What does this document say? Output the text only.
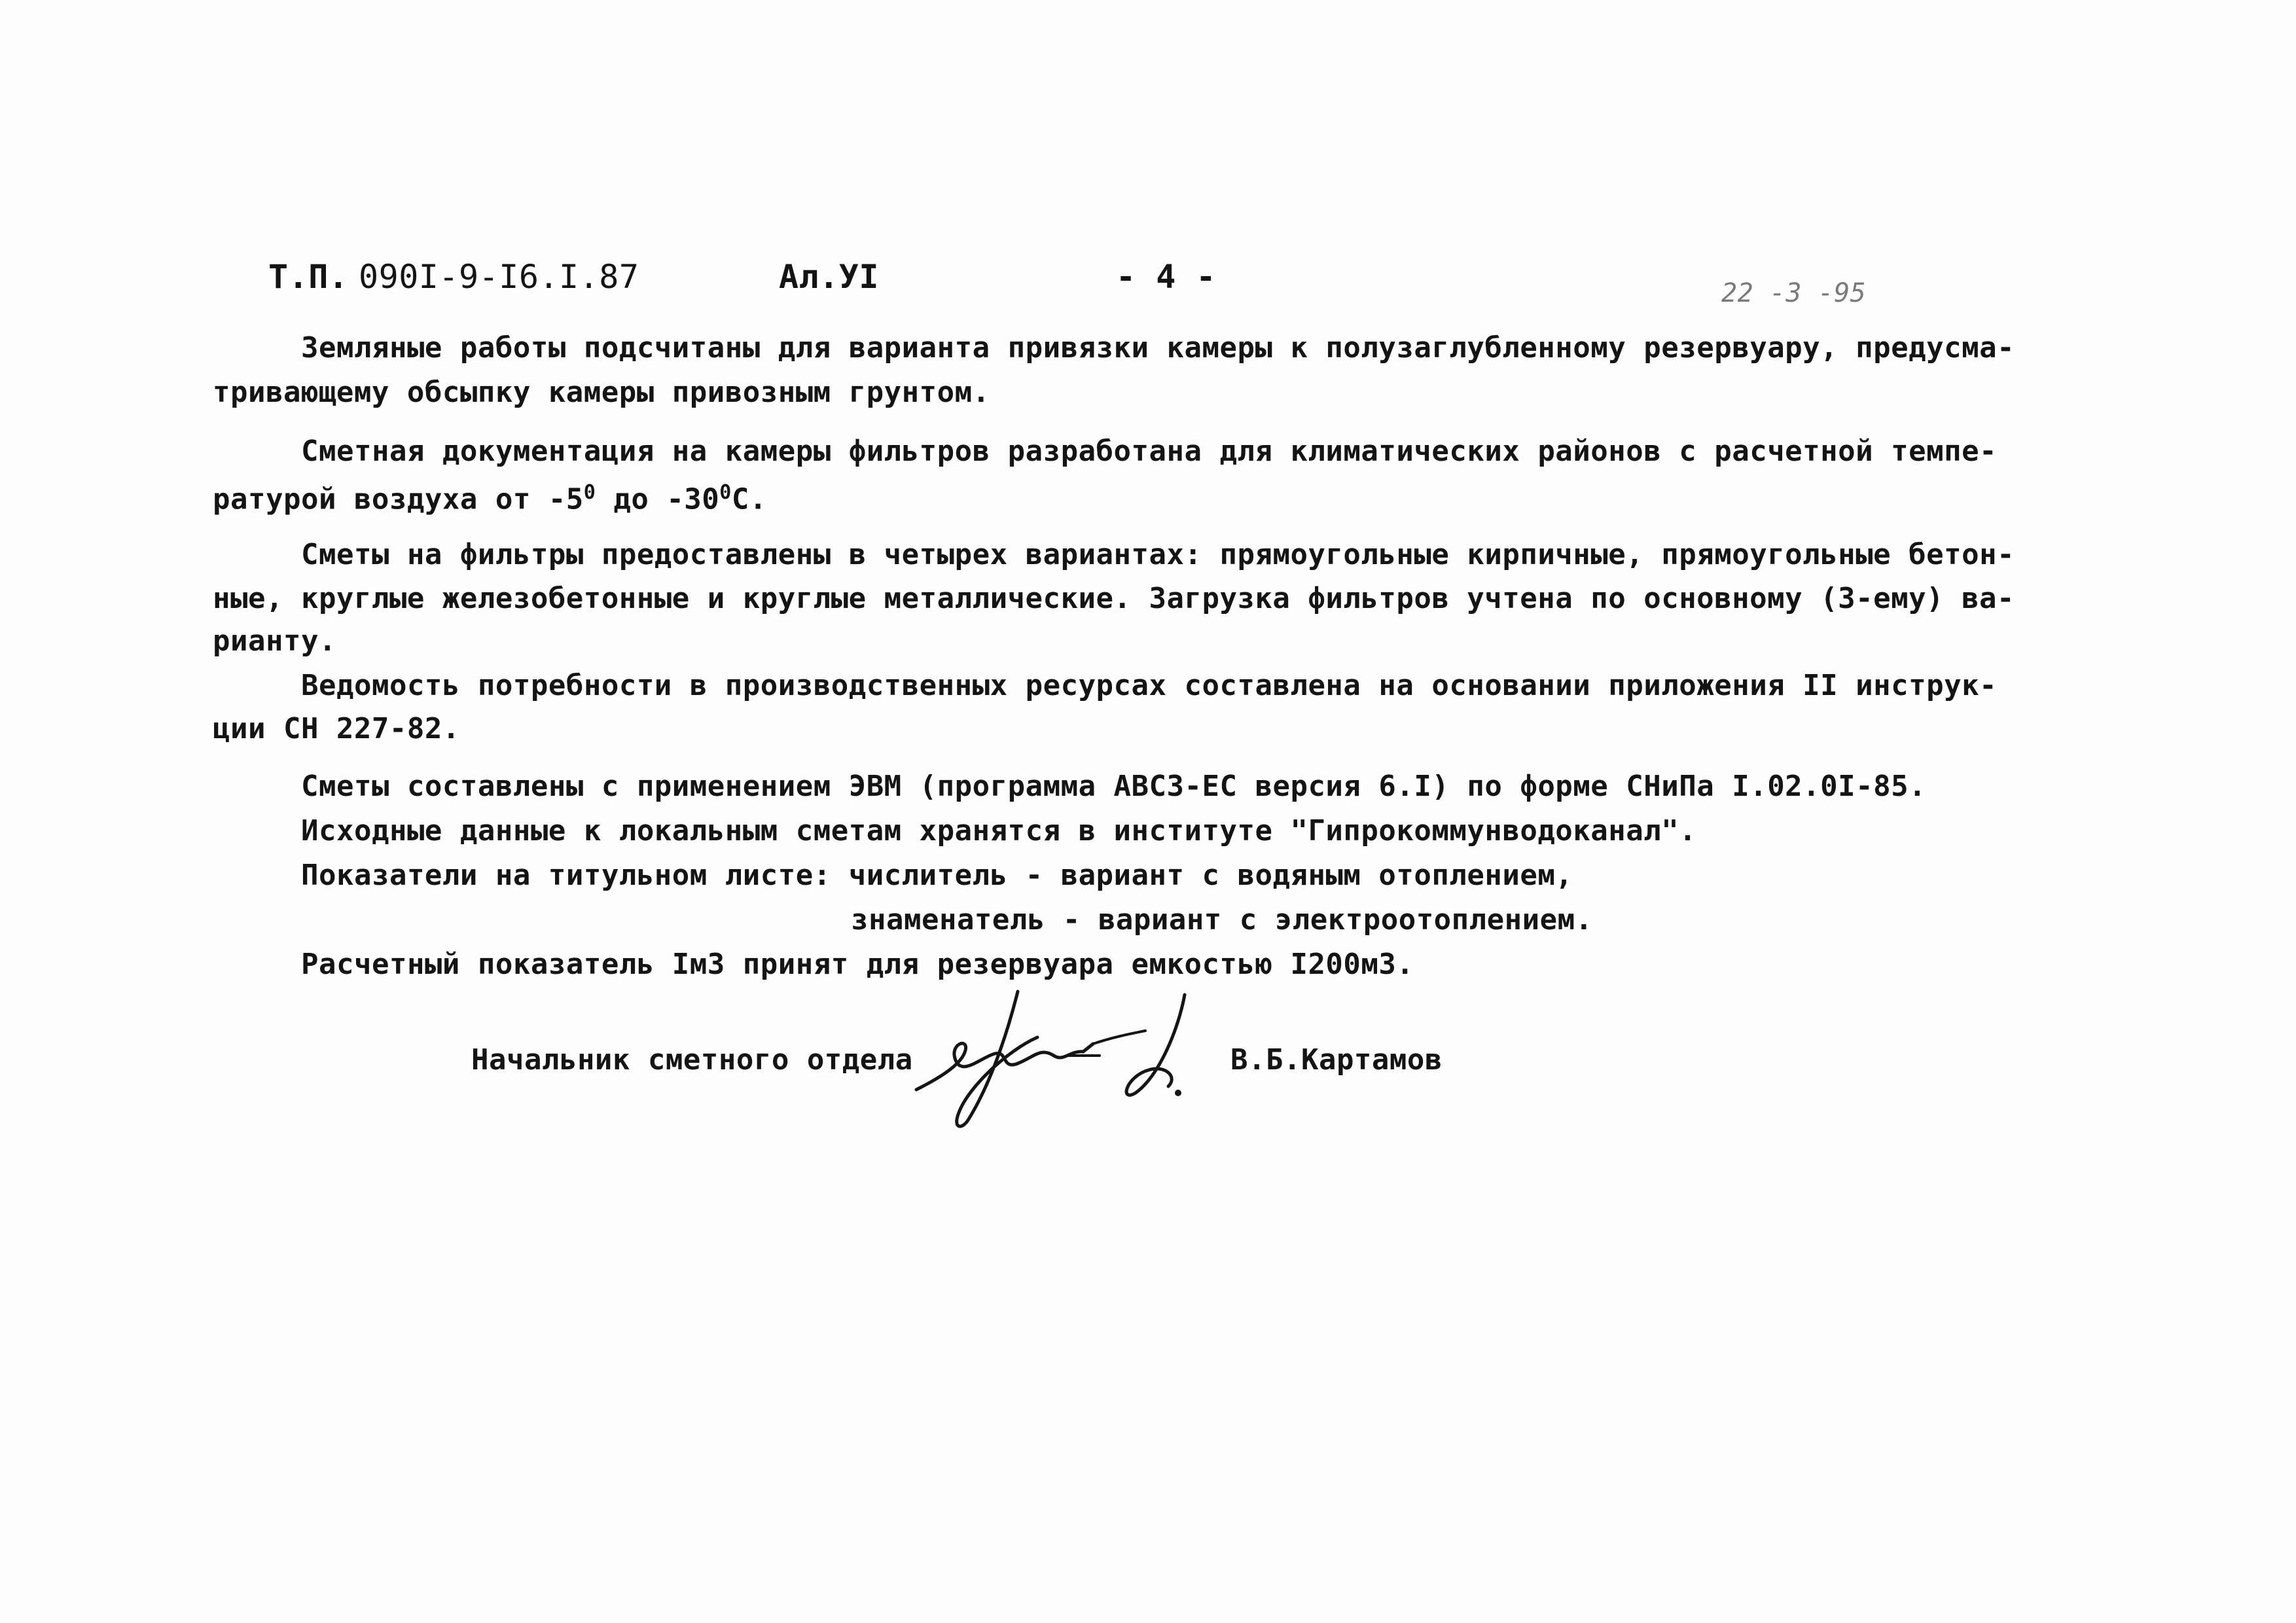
Т.П. 090I-9-I6.I.87	Ал.УI	- 4 -	22 -3 -95
Земляные работы подсчитаны для варианта привязки камеры к полузаглубленному резервуару, предусма-
тривающему обсыпку камеры привозным грунтом.
Сметная документация на камеры фильтров разработана для климатических районов с расчетной темпе-
ратурой воздуха от $-5^0$ до $-30^0С$.
Сметы на фильтры предоставлены в четырех вариантах: прямоугольные кирпичные, прямоугольные бетон-
ные, круглые железобетонные и круглые металлические. Загрузка фильтров учтена по основному (3-ему) ва-
рианту.
Ведомость потребности в производственных ресурсах составлена на основании приложения II инструк-
ции СН 227-82.
Сметы составлены с применением ЭВМ (программа АВСЗ-ЕС версия 6.I) по форме СНиПа I.02.0I-85.
Исходные данные к локальным сметам хранятся в институте "Гипрокоммунводоканал".
Показатели на титульном листе: числитель - вариант с водяным отоплением,
знаменатель - вариант с электроотоплением.
Расчетный показатель Iм3 принят для резервуара емкостью I200м3.
Начальник сметного отдела	В.Б.Картамов
